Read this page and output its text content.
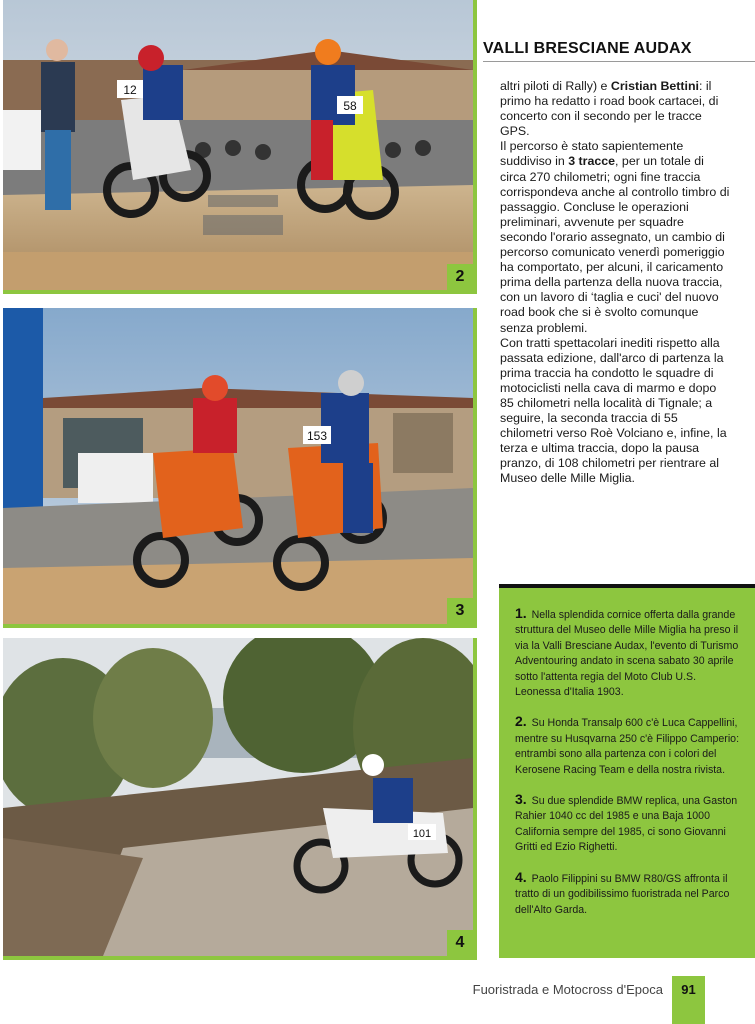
12
58
2
153
3
101
4
VALLI BRESCIANE AUDAX

altri piloti di Rally) e Cristian Bettini: il primo ha redatto i road book cartacei, di concerto con il secondo per le tracce GPS.

Il percorso è stato sapientemente suddiviso in 3 tracce, per un totale di circa 270 chilometri; ogni fine traccia corrispondeva anche al controllo timbro di passaggio. Concluse le operazioni preliminari, avvenute per squadre secondo l'orario assegnato, un cambio di percorso comunicato venerdì pomeriggio ha comportato, per alcuni, il caricamento prima della partenza della nuova traccia, con un lavoro di ‘taglia e cuci' del nuovo road book che si è svolto comunque senza problemi.

Con tratti spettacolari inediti rispetto alla passata edizione, dall'arco di partenza la prima traccia ha condotto le squadre di motociclisti nella cava di marmo e dopo 85 chilometri nella località di Tignale; a seguire, la seconda traccia di 55 chilometri verso Roè Volciano e, infine, la terza e ultima traccia, dopo la pausa pranzo, di 108 chilometri per rientrare al Museo delle Mille Miglia.

1. Nella splendida cornice offerta dalla grande struttura del Museo delle Mille Miglia ha preso il via la Valli Bresciane Audax, l'evento di Turismo Adventouring andato in scena sabato 30 aprile sotto l'attenta regia del Moto Club U.S. Leonessa d'Italia 1903.

2. Su Honda Transalp 600 c'è Luca Cappellini, mentre su Husqvarna 250 c'è Filippo Camperio: entrambi sono alla partenza con i colori del Kerosene Racing Team e della nostra rivista.

3. Su due splendide BMW replica, una Gaston Rahier 1040 cc del 1985 e una Baja 1000 California sempre del 1985, ci sono Giovanni Gritti ed Ezio Righetti.

4. Paolo Filippini su BMW R80/GS affronta il tratto di un godibilissimo fuoristrada nel Parco dell'Alto Garda.

Fuoristrada e Motocross d'Epoca	91
